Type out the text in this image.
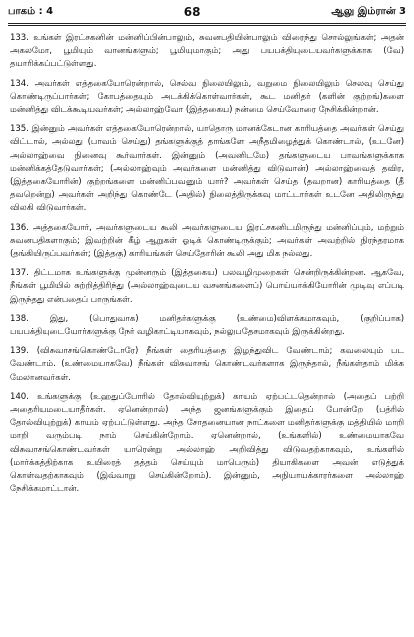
பாகம் : 4	68	ஆலு இம்ரான் 3

133. உங்கள் இரட்சகனின் மன்னிப்பின்பாலும், சுவனபதியின்பாலும் விரைந்து சொல்லுங்கள்; அதன் அகலமோ, பூமியும் வானங்களும்; பூமியுமாகும்; அது பயபக்தியுடையவர்களுக்காக (வே) தயாரிக்கப்பட்டுள்ளது.

134. அவர்கள் எத்தகையோரென்றால், செல்வ நிலையிலும், வறுமை நிலையிலும் செலவு செய்து கொண்டிருப்பார்கள்; கோபத்தையும் அடக்கிக்கொள்வார்கள், கூட மனிதர் (களின் குற்றங்)களை மன்னித்து விடக்கூடியவர்கள்; அல்லாஹ்வோ (இத்தகைய) நன்மை செய்வோரை நேசிக்கின்றான்.

135. இன்னும் அவர்கள் எத்தகையோரென்றால், யாதொரு மானக்கேடான காரியத்தை அவர்கள் செய்து விட்டால், அல்லது (பாவம் செய்து) தங்களுக்குத் தாங்களே அநீதமிழைத்துக் கொண்டால், (உடனே) அல்லாஹ்வை நினைவு கூர்வார்கள். இன்னும் (அவனிடமே) தங்களுடைய பாவங்களுக்காக மன்னிக்கத்தேடுவார்கள்; (அல்லாஹ்வும் அவர்களை மன்னித்து விடுவான்) அல்லாஹ்வைத் தவிர, (இத்தகையோரின்) குற்றங்களை மன்னிப்பவனும் யார்? அவர்கள் செய்த (தவறான) காரியத்தை (தீ தவறென்று) அவர்கள் அறிந்து கொண்டே (அதில்) நிலைத்திருக்கவு மாட்டார்கள் உடனே அதிலிருந்து விலகி விடுவார்கள்.

136. அத்தகையோர், அவர்களுடைய கூலி அவர்களுடைய இரட்சகனிடமிருந்து மன்னிப்பும், மற்றும் சுவனபதிகளாகும்; இவற்றின் கீழ் ஆறுகள் ஓடிக் கொண்டிருக்கும்; அவர்கள் அவற்றில் நிரந்தரமாக (தங்கியிருப்பவர்கள்; (இத்தகு) காரியங்கள் செய்தோரின் கூலி அது மிக நல்லது.

137. திட்டமாக உங்களுக்கு முன்னரும் (இத்தகைய) பலவழிமுறைகள் சென்றிருக்கின்றன. ஆகவே, நீங்கள் பூமியில் சுற்றித்திரிந்து (அல்லாஹ்வுடைய வசனங்களைப்) பொய்யாக்கியோரின் முடிவு எப்படி இருந்தது என்பதைப் பாருங்கள்.

138. இது, (பொதுவாக) மனிதர்களுக்கு (உண்மை)விளக்கமாகவும், (குறிப்பாக) பயபக்தியுடையோர்களுக்கு நேர் வழிகாட்டியாகவும், நல்லுபதேசமாகவும் இருக்கின்றது.

139. (விசுவாசங்கொண்டோரே) நீங்கள் தைரியத்தை இழந்துவிட வேண்டாம்; கவலையும் பட வேண்டாம். (உண்மையாகவே) நீங்கள் விசுவாசங் கொண்டவர்களாக இருந்தால், நீங்கள்தாம் மிக்க மேலானவர்கள்.

140. உங்களுக்கு (உஹதுப்போரில் தோல்வியுற்றுக்) காயம் ஏற்பட்டதென்றால் (அதைப் பற்றி அதைரியமடையாதீர்கள். ஏனென்றால்) அந்த ஜனங்களுக்கும் இதைப் போன்றே (பத்ரில் தோல்வியுற்றுக்) காயம் ஏற்பட்டுள்ளது. அந்த சோதனையான நாட்களை மனிதர்களுக்கு மத்தியில் மாறி மாறி வரும்படி நாம் செய்கின்றோம். ஏனென்றால், (உங்களில்) உண்மையாகவே விசுவாசங்கொண்டவர்கள் யாரென்று அல்லாஹ் அறிவித்து விடுவதற்காகவும், உங்களில் (மார்க்கத்திற்காக உயிரைத் தத்தம் செய்யும் மாபெரும்) தியாகிகளை அவன் எடுத்துக் கொள்வதற்காகவும் (இவ்வாறு செய்கின்றோம்). இன்னும், அநியாயக்காரர்களை அல்லாஹ் நேசிக்கமாட்டான்.
